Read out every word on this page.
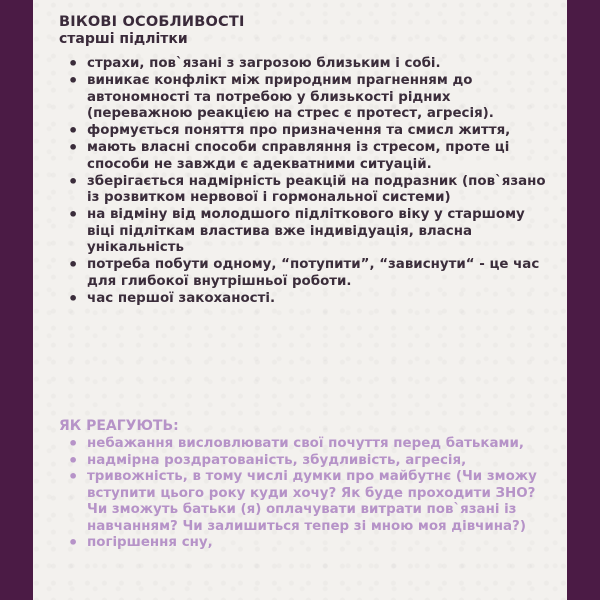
ВІКОВІ ОСОБЛИВОСТІ
старші підлітки
• страхи, пов`язані з загрозою близьким і собі.
• виникає конфлікт між природним прагненням до автономності та потребою у близькості рідних (переважною реакцією на стрес є протест, агресія).
• формується поняття про призначення та смисл життя,
• мають власні способи справляння із стресом, проте ці способи не завжди є адекватними ситуацій.
• зберігається надмірність реакцій на подразник (пов`язано із розвитком нервової і гормональної системи)
• на відміну від молодшого підліткового віку у старшому віці підліткам властива вже індивідуація, власна унікальність
• потреба побути одному, “потупити”, “зависнути“ - це час для глибокої внутрішньої роботи.
• час першої закоханості.
ЯК РЕАГУЮТЬ:
• небажання висловлювати свої почуття перед батьками,
• надмірна роздратованість, збудливість, агресія,
• тривожність, в тому числі думки про майбутнє (Чи зможу вступити цього року куди хочу? Як буде проходити ЗНО? Чи зможуть батьки (я) оплачувати витрати пов`язані із навчанням? Чи залишиться тепер зі мною моя дівчина?)
• погіршення сну,
